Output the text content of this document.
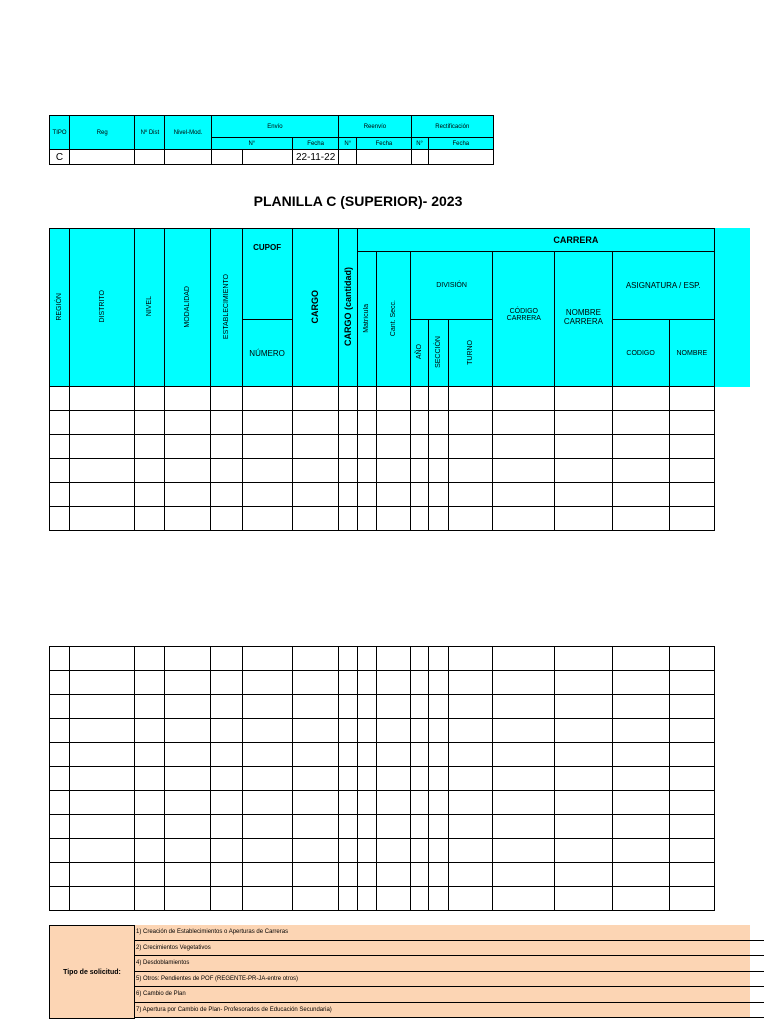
TIPO	Reg	Nº Dist	Nivel-Mod.	Envío			Reenvío		Rectificación	
				N°		Fecha	N°	Fecha	N°	Fecha
C						22-11-22				
PLANILLA C (SUPERIOR)- 2023
REGIÓN	DISTRITO	NIVEL	MODALIDAD	ESTABLECIMIENTO	CUPOF	CARGO	CARGO (cantidad)	CARRERA								
								Matrícula	Cant. Secc.	DIVISIÓN			CÓDIGO CARRERA	NOMBRE CARRERA	ASIGNATURA / ESP.	
					NÚMERO					AÑO	SECCIÓN	TURNO			CODIGO	NOMBRE

Tipo de solicitud:
1) Creación de Establecimientos o Aperturas de Carreras
2) Crecimientos Vegetativos
4) Desdoblamientos
5) Otros: Pendientes de POF (REGENTE-PR-JA-entre otros)
6) Cambio de Plan
7) Apertura por Cambio de Plan- Profesorados de Educación Secundaria)
